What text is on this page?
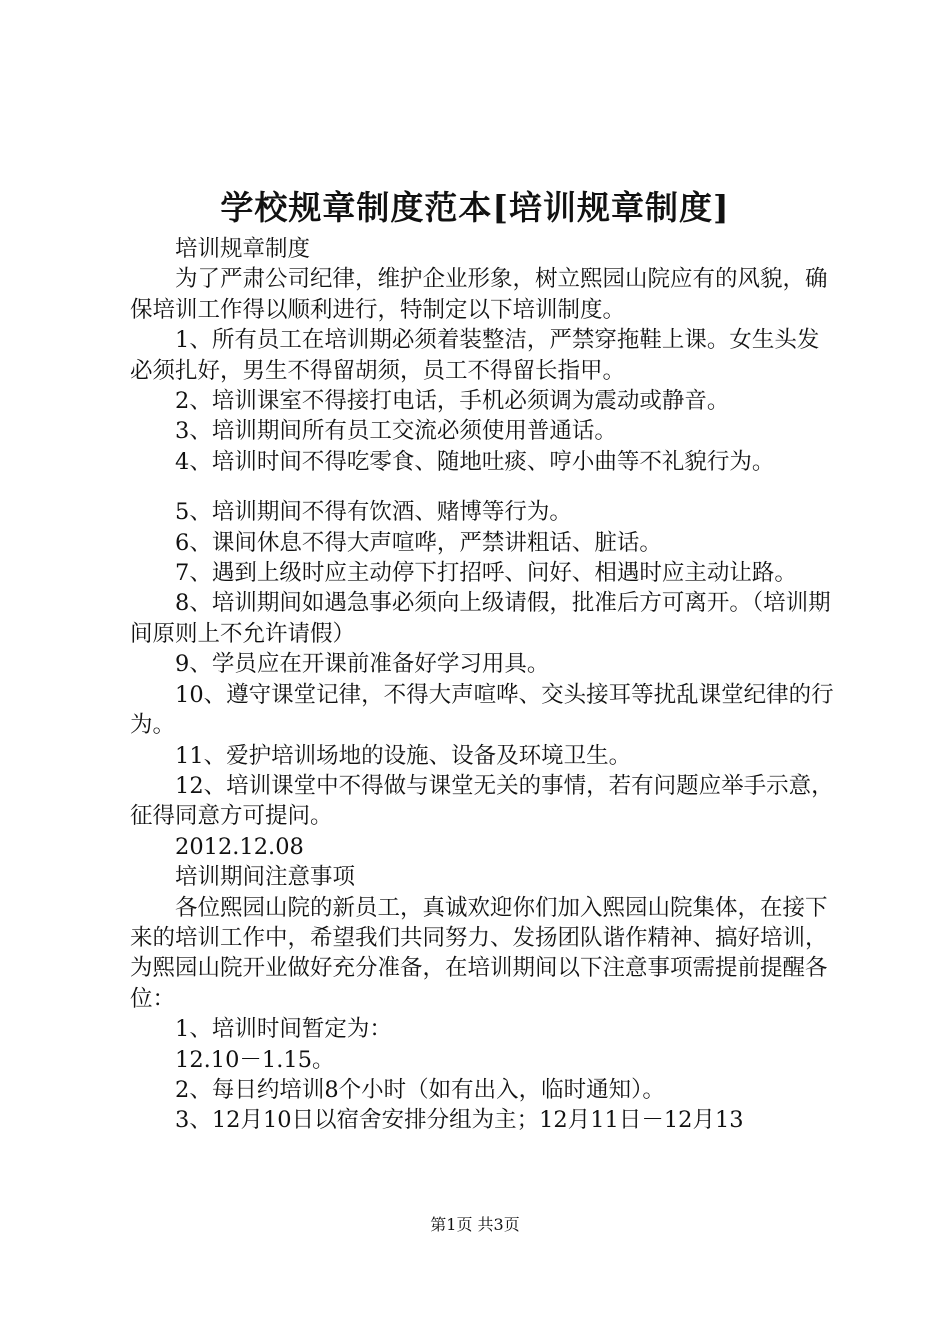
学校规章制度范本[培训规章制度]

培训规章制度

为了严肃公司纪律，维护企业形象，树立熙园山院应有的风貌，确保培训工作得以顺利进行，特制定以下培训制度。

1、所有员工在培训期必须着装整洁，严禁穿拖鞋上课。女生头发必须扎好，男生不得留胡须，员工不得留长指甲。

2、培训课室不得接打电话，手机必须调为震动或静音。

3、培训期间所有员工交流必须使用普通话。

4、培训时间不得吃零食、随地吐痰、哼小曲等不礼貌行为。

5、培训期间不得有饮酒、赌博等行为。

6、课间休息不得大声喧哗，严禁讲粗话、脏话。

7、遇到上级时应主动停下打招呼、问好、相遇时应主动让路。

8、培训期间如遇急事必须向上级请假，批准后方可离开。（培训期间原则上不允许请假）

9、学员应在开课前准备好学习用具。

10、遵守课堂记律，不得大声喧哗、交头接耳等扰乱课堂纪律的行为。

11、爱护培训场地的设施、设备及环境卫生。

12、培训课堂中不得做与课堂无关的事情，若有问题应举手示意，征得同意方可提问。

2012.12.08

培训期间注意事项

各位熙园山院的新员工，真诚欢迎你们加入熙园山院集体，在接下来的培训工作中，希望我们共同努力、发扬团队谐作精神、搞好培训，为熙园山院开业做好充分准备，在培训期间以下注意事项需提前提醒各位：

1、培训时间暂定为：

12.10－1.15。

2、每日约培训8个小时（如有出入，临时通知）。

3、12月10日以宿舍安排分组为主；12月11日－12月13

第1页 共3页
